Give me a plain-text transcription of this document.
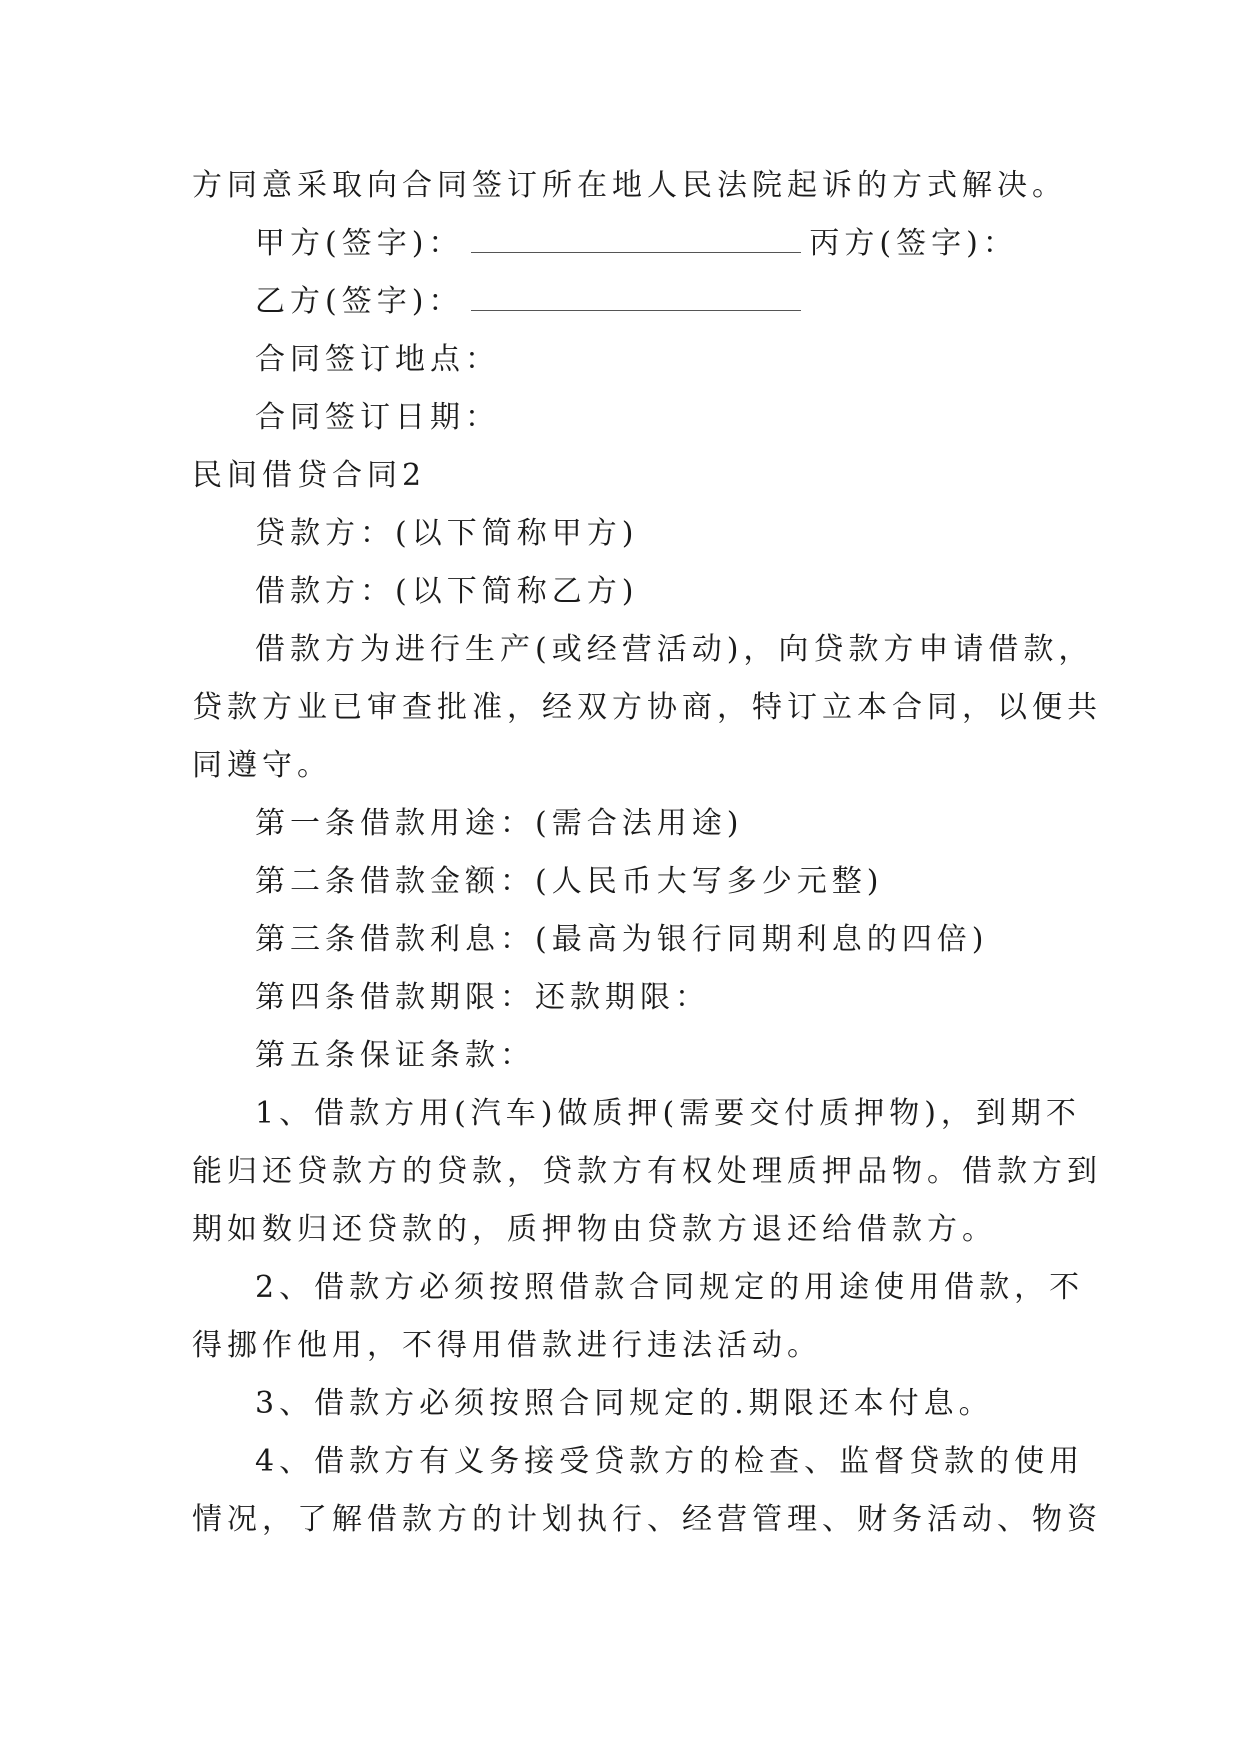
方同意采取向合同签订所在地人民法院起诉的方式解决。
甲方(签字)：	丙方(签字)：
乙方(签字)：
合同签订地点：
合同签订日期：
民间借贷合同2
贷款方：(以下简称甲方)
借款方：(以下简称乙方)
借款方为进行生产(或经营活动)，向贷款方申请借款，
贷款方业已审查批准，经双方协商，特订立本合同，以便共
同遵守。
第一条借款用途：(需合法用途)
第二条借款金额：(人民币大写多少元整)
第三条借款利息：(最高为银行同期利息的四倍)
第四条借款期限：还款期限：
第五条保证条款：
1、借款方用(汽车)做质押(需要交付质押物)，到期不
能归还贷款方的贷款，贷款方有权处理质押品物。借款方到
期如数归还贷款的，质押物由贷款方退还给借款方。
2、借款方必须按照借款合同规定的用途使用借款，不
得挪作他用，不得用借款进行违法活动。
3、借款方必须按照合同规定的.期限还本付息。
4、借款方有义务接受贷款方的检查、监督贷款的使用
情况，了解借款方的计划执行、经营管理、财务活动、物资
